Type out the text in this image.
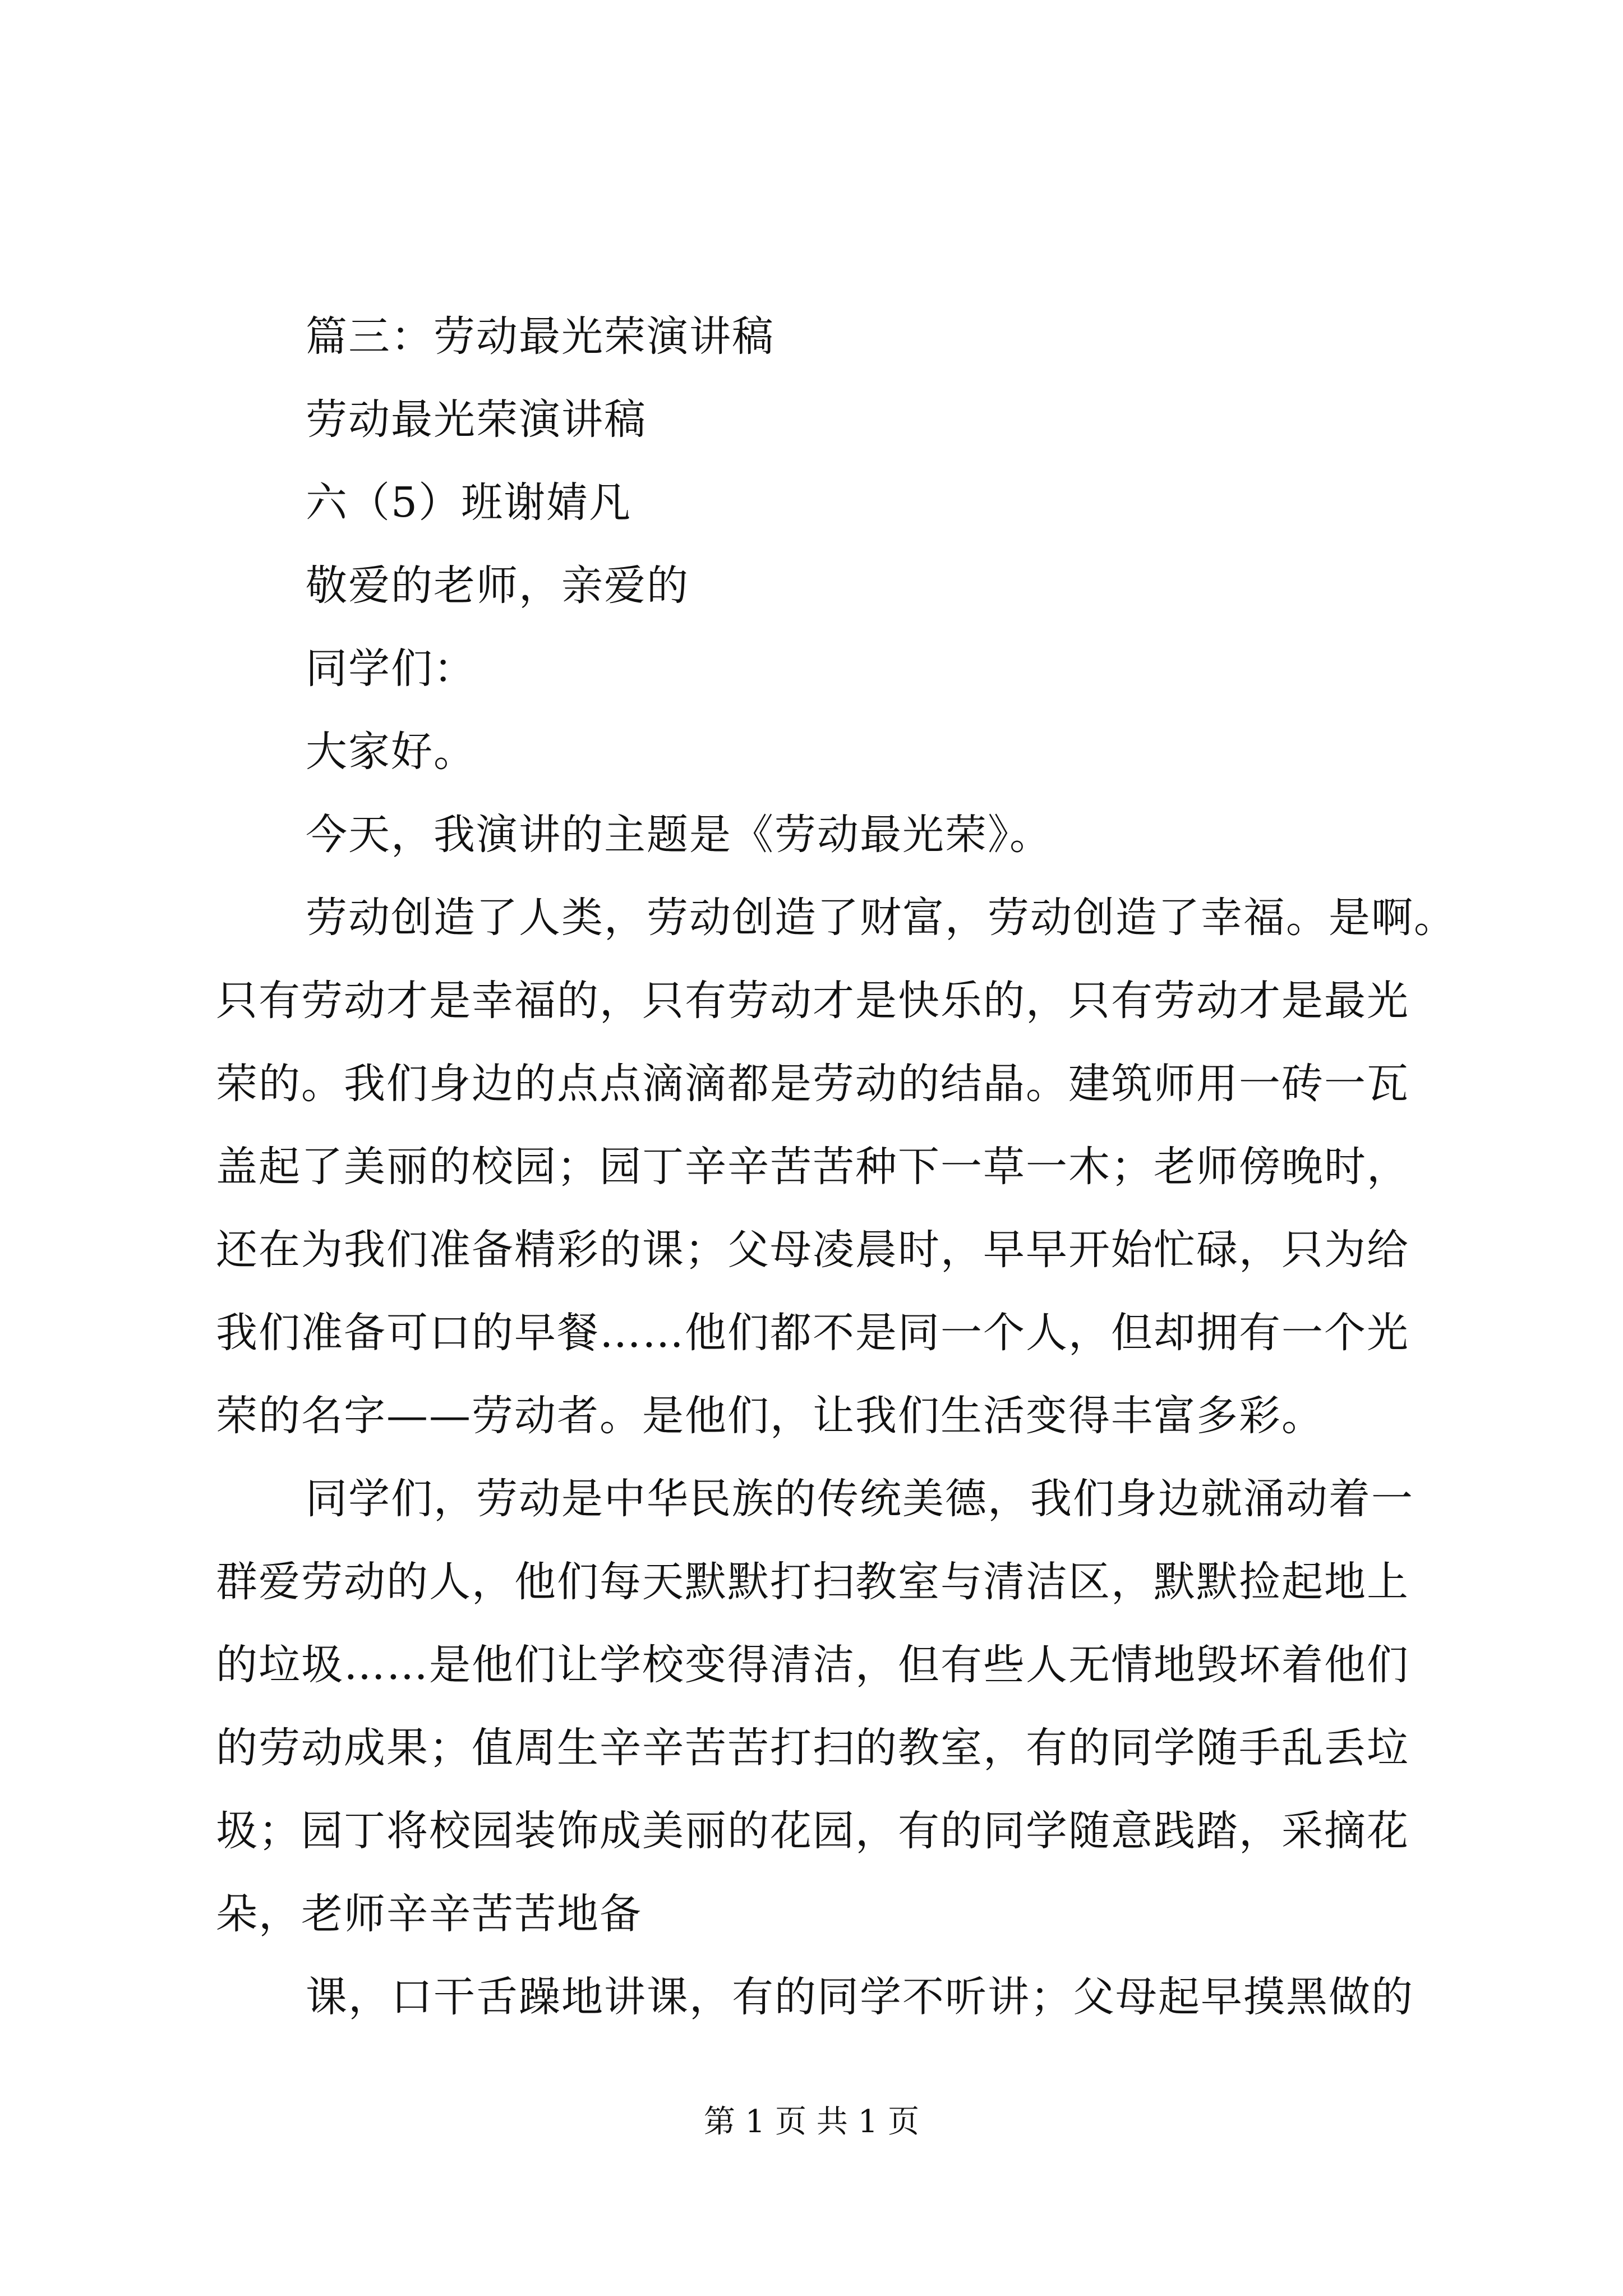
篇三：劳动最光荣演讲稿
劳动最光荣演讲稿
六（5）班谢婧凡
敬爱的老师，亲爱的
同学们：
大家好。
今天，我演讲的主题是《劳动最光荣》。
劳动创造了人类，劳动创造了财富，劳动创造了幸福。是啊。
只有劳动才是幸福的，只有劳动才是快乐的，只有劳动才是最光
荣的。我们身边的点点滴滴都是劳动的结晶。建筑师用一砖一瓦
盖起了美丽的校园；园丁辛辛苦苦种下一草一木；老师傍晚时，
还在为我们准备精彩的课；父母凌晨时，早早开始忙碌，只为给
我们准备可口的早餐……他们都不是同一个人，但却拥有一个光
荣的名字——劳动者。是他们，让我们生活变得丰富多彩。
同学们，劳动是中华民族的传统美德，我们身边就涌动着一
群爱劳动的人，他们每天默默打扫教室与清洁区，默默捡起地上
的垃圾……是他们让学校变得清洁，但有些人无情地毁坏着他们
的劳动成果；值周生辛辛苦苦打扫的教室，有的同学随手乱丢垃
圾；园丁将校园装饰成美丽的花园，有的同学随意践踏，采摘花
朵，老师辛辛苦苦地备
课，口干舌躁地讲课，有的同学不听讲；父母起早摸黑做的
第 1 页 共 1 页
